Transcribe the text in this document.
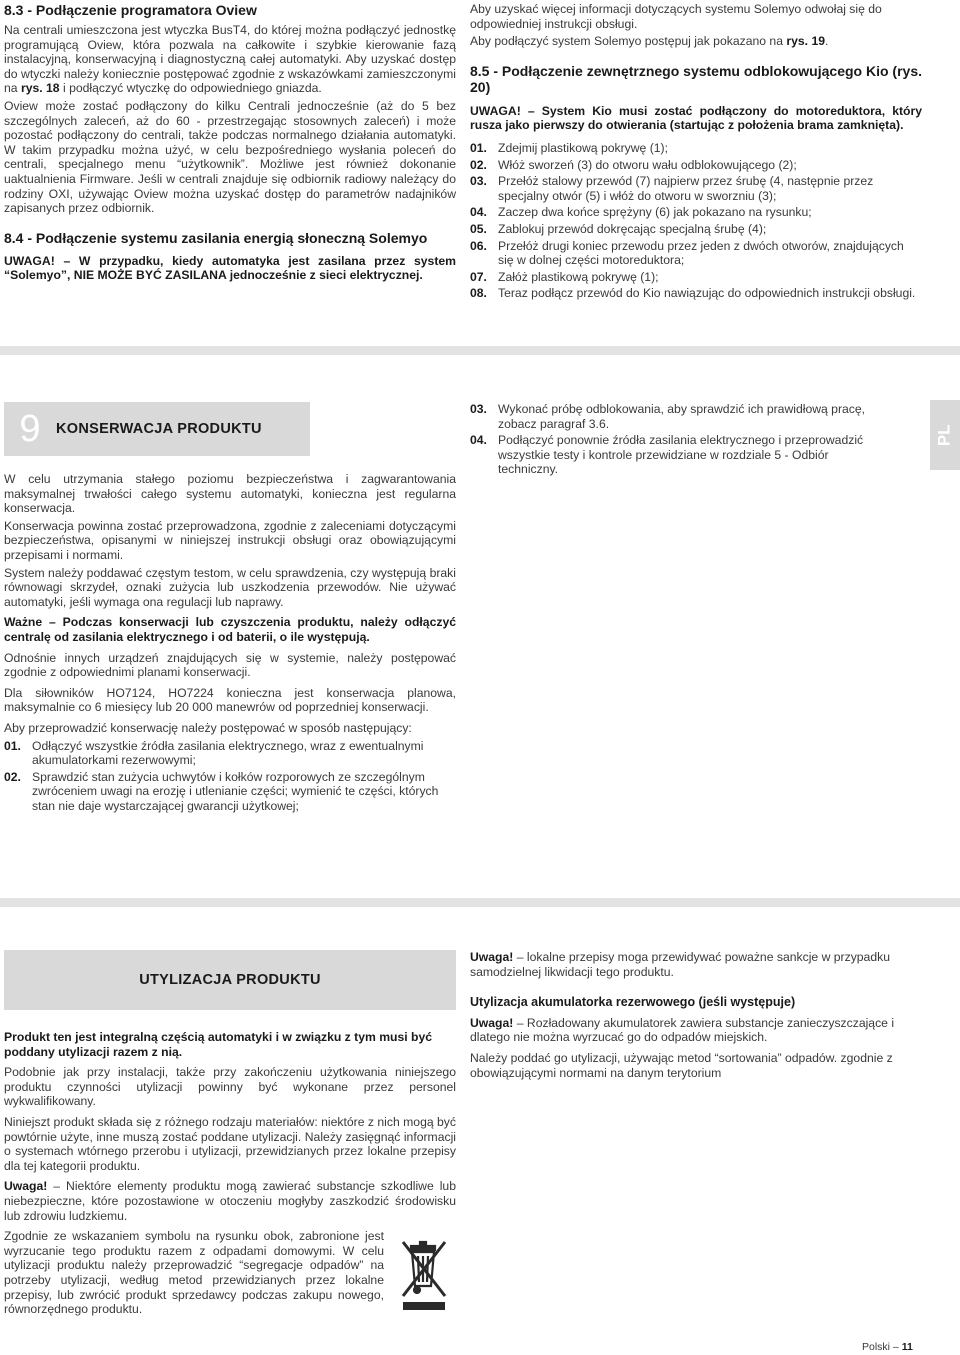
8.3 - Podłączenie programatora Oview

Na centrali umieszczona jest wtyczka BusT4, do której można podłączyć jednostkę programującą Oview, która pozwala na całkowite i szybkie kierowanie fazą instalacyjną, konserwacyjną i diagnostyczną całej automatyki. Aby uzyskać dostęp do wtyczki należy koniecznie postępować zgodnie z wskazówkami zamieszczonymi na rys. 18 i podłączyć wtyczkę do odpowiedniego gniazda.

Oview może zostać podłączony do kilku Centrali jednocześnie (aż do 5 bez szczególnych zaleceń, aż do 60 - przestrzegając stosownych zaleceń) i może pozostać podłączony do centrali, także podczas normalnego działania automatyki. W takim przypadku można użyć, w celu bezpośredniego wysłania poleceń do centrali, specjalnego menu “użytkownik”. Możliwe jest również dokonanie uaktualnienia Firmware. Jeśli w centrali znajduje się odbiornik radiowy należący do rodziny OXI, używając Oview można uzyskać dostęp do parametrów nadajników zapisanych przez odbiornik.

8.4 - Podłączenie systemu zasilania energią słoneczną Solemyo

UWAGA! – W przypadku, kiedy automatyka jest zasilana przez system “Solemyo”, NIE MOŻE BYĆ ZASILANA jednocześnie z sieci elektrycznej.

Aby uzyskać więcej informacji dotyczących systemu Solemyo odwołaj się do odpowiedniej instrukcji obsługi.

Aby podłączyć system Solemyo postępuj jak pokazano na rys. 19.

8.5 - Podłączenie zewnętrznego systemu odblokowującego Kio (rys. 20)

UWAGA! – System Kio musi zostać podłączony do motoreduktora, który rusza jako pierwszy do otwierania (startując z położenia brama zamknięta).

01. Zdejmij plastikową pokrywę (1);
02. Włóż sworzeń (3) do otworu wału odblokowującego (2);
03. Przełóż stalowy przewód (7) najpierw przez śrubę (4, następnie przez specjalny otwór (5) i włóż do otworu w sworzniu (3);
04. Zaczep dwa końce sprężyny (6) jak pokazano na rysunku;
05. Zablokuj przewód dokręcając specjalną śrubę (4);
06. Przełóż drugi koniec przewodu przez jeden z dwóch otworów, znajdujących się w dolnej części motoreduktora;
07. Załóż plastikową pokrywę (1);
08. Teraz podłącz przewód do Kio nawiązując do odpowiednich instrukcji obsługi.
9	KONSERWACJA PRODUKTU

W celu utrzymania stałego poziomu bezpieczeństwa i zagwarantowania maksymalnej trwałości całego systemu automatyki, konieczna jest regularna konserwacja.

Konserwacja powinna zostać przeprowadzona, zgodnie z zaleceniami dotyczącymi bezpieczeństwa, opisanymi w niniejszej instrukcji obsługi oraz obowiązującymi przepisami i normami.

System należy poddawać częstym testom, w celu sprawdzenia, czy występują braki równowagi skrzydeł, oznaki zużycia lub uszkodzenia przewodów. Nie używać automatyki, jeśli wymaga ona regulacji lub naprawy.

Ważne – Podczas konserwacji lub czyszczenia produktu, należy odłączyć centralę od zasilania elektrycznego i od baterii, o ile występują.

Odnośnie innych urządzeń znajdujących się w systemie, należy postępować zgodnie z odpowiednimi planami konserwacji.

Dla siłowników HO7124, HO7224 konieczna jest konserwacja planowa, maksymalnie co 6 miesięcy lub 20 000 manewrów od poprzedniej konserwacji.

Aby przeprowadzić konserwację należy postępować w sposób następujący:

01. Odłączyć wszystkie źródła zasilania elektrycznego, wraz z ewentualnymi akumulatorkami rezerwowymi;
02. Sprawdzić stan zużycia uchwytów i kołków rozporowych ze szczególnym zwróceniem uwagi na erozję i utlenianie części; wymienić te części, których stan nie daje wystarczającej gwarancji użytkowej;
03. Wykonać próbę odblokowania, aby sprawdzić ich prawidłową pracę, zobacz paragraf 3.6.
04. Podłączyć ponownie źródła zasilania elektrycznego i przeprowadzić wszystkie testy i kontrole przewidziane w rozdziale 5 - Odbiór techniczny.
PL
UTYLIZACJA PRODUKTU

Produkt ten jest integralną częścią automatyki i w związku z tym musi być poddany utylizacji razem z nią.

Podobnie jak przy instalacji, także przy zakończeniu użytkowania niniejszego produktu czynności utylizacji powinny być wykonane przez personel wykwalifikowany.

Niniejszt produkt składa się z różnego rodzaju materiałów: niektóre z nich mogą być powtórnie użyte, inne muszą zostać poddane utylizacji. Należy zasięgnąć informacji o systemach wtórnego przerobu i utylizacji, przewidzianych przez lokalne przepisy dla tej kategorii produktu.

Uwaga! – Niektóre elementy produktu mogą zawierać substancje szkodliwe lub niebezpieczne, które pozostawione w otoczeniu mogłyby zaszkodzić środowisku lub zdrowiu ludzkiemu.

Zgodnie ze wskazaniem symbolu na rysunku obok, zabronione jest wyrzucanie tego produktu razem z odpadami domowymi. W celu utylizacji produktu należy przeprowadzić “segregacje odpadów” na potrzeby utylizacji, według metod przewidzianych przez lokalne przepisy, lub zwrócić produkt sprzedawcy podczas zakupu nowego, równorzędnego produktu.

Uwaga! – lokalne przepisy moga przewidywać poważne sankcje w przypadku samodzielnej likwidacji tego produktu.

Utylizacja akumulatorka rezerwowego (jeśli występuje)

Uwaga! – Rozładowany akumulatorek zawiera substancje zanieczyszczające i dlatego nie można wyrzucać go do odpadów miejskich.

Należy poddać go utylizacji, używając metod “sortowania” odpadów. zgodnie z obowiązującymi normami na danym terytorium

Polski – 11
